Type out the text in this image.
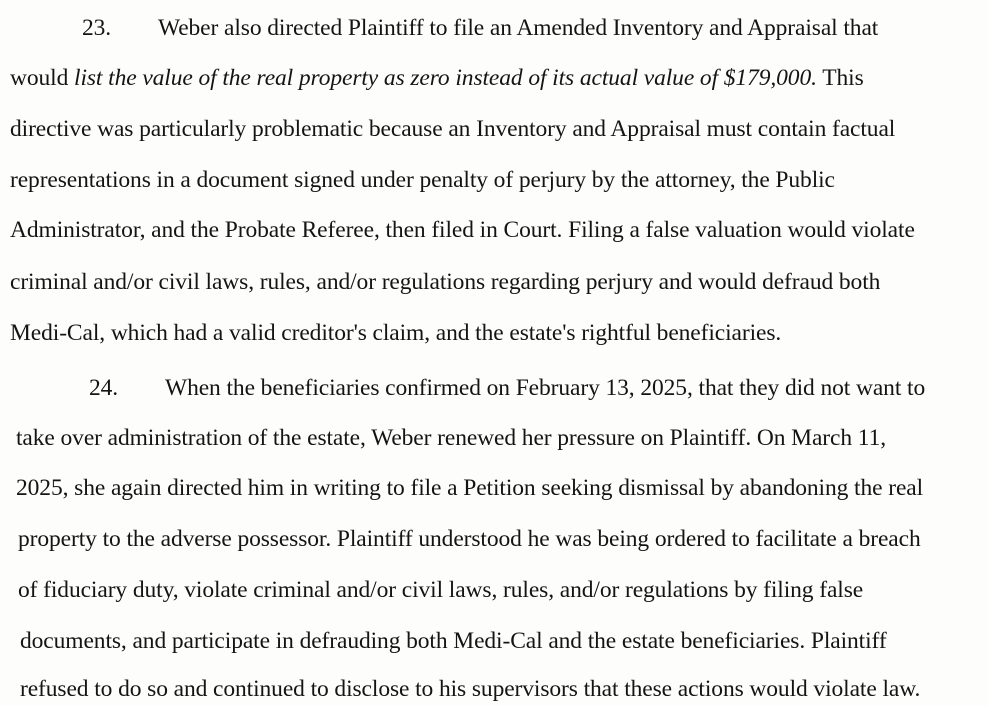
23. Weber also directed Plaintiff to file an Amended Inventory and Appraisal that
would list the value of the real property as zero instead of its actual value of $179,000. This
directive was particularly problematic because an Inventory and Appraisal must contain factual
representations in a document signed under penalty of perjury by the attorney, the Public
Administrator, and the Probate Referee, then filed in Court. Filing a false valuation would violate
criminal and/or civil laws, rules, and/or regulations regarding perjury and would defraud both
Medi-Cal, which had a valid creditor's claim, and the estate's rightful beneficiaries.
24. When the beneficiaries confirmed on February 13, 2025, that they did not want to
take over administration of the estate, Weber renewed her pressure on Plaintiff. On March 11,
2025, she again directed him in writing to file a Petition seeking dismissal by abandoning the real
property to the adverse possessor. Plaintiff understood he was being ordered to facilitate a breach
of fiduciary duty, violate criminal and/or civil laws, rules, and/or regulations by filing false
documents, and participate in defrauding both Medi-Cal and the estate beneficiaries. Plaintiff
refused to do so and continued to disclose to his supervisors that these actions would violate law.
